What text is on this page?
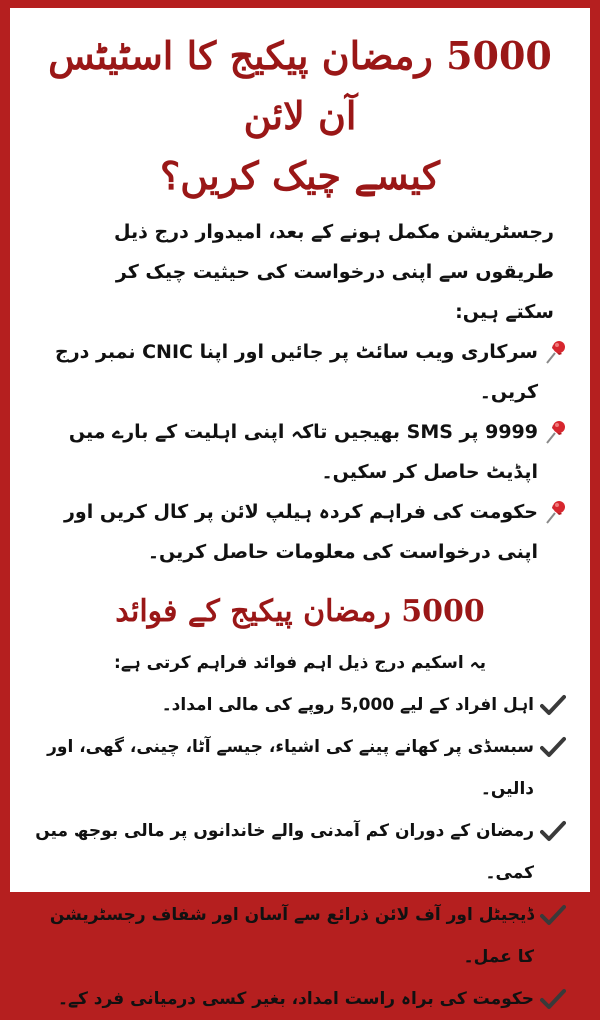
5000 رمضان پیکیج کا اسٹیٹس آن لائن
کیسے چیک کریں؟
رجسٹریشن مکمل ہونے کے بعد، امیدوار درج ذیل طریقوں سے اپنی درخواست کی حیثیت چیک کر سکتے ہیں:
سرکاری ویب سائٹ پر جائیں اور اپنا CNIC نمبر درج کریں۔
9999 پر SMS بھیجیں تاکہ اپنی اہلیت کے بارے میں اپڈیٹ حاصل کر سکیں۔
حکومت کی فراہم کردہ ہیلپ لائن پر کال کریں اور اپنی درخواست کی معلومات حاصل کریں۔
5000 رمضان پیکیج کے فوائد
یہ اسکیم درج ذیل اہم فوائد فراہم کرتی ہے:
اہل افراد کے لیے 5,000 روپے کی مالی امداد۔
سبسڈی پر کھانے پینے کی اشیاء، جیسے آٹا، چینی، گھی، اور دالیں۔
رمضان کے دوران کم آمدنی والے خاندانوں پر مالی بوجھ میں کمی۔
ڈیجیٹل اور آف لائن ذرائع سے آسان اور شفاف رجسٹریشن کا عمل۔
حکومت کی براہ راست امداد، بغیر کسی درمیانی فرد کے۔
